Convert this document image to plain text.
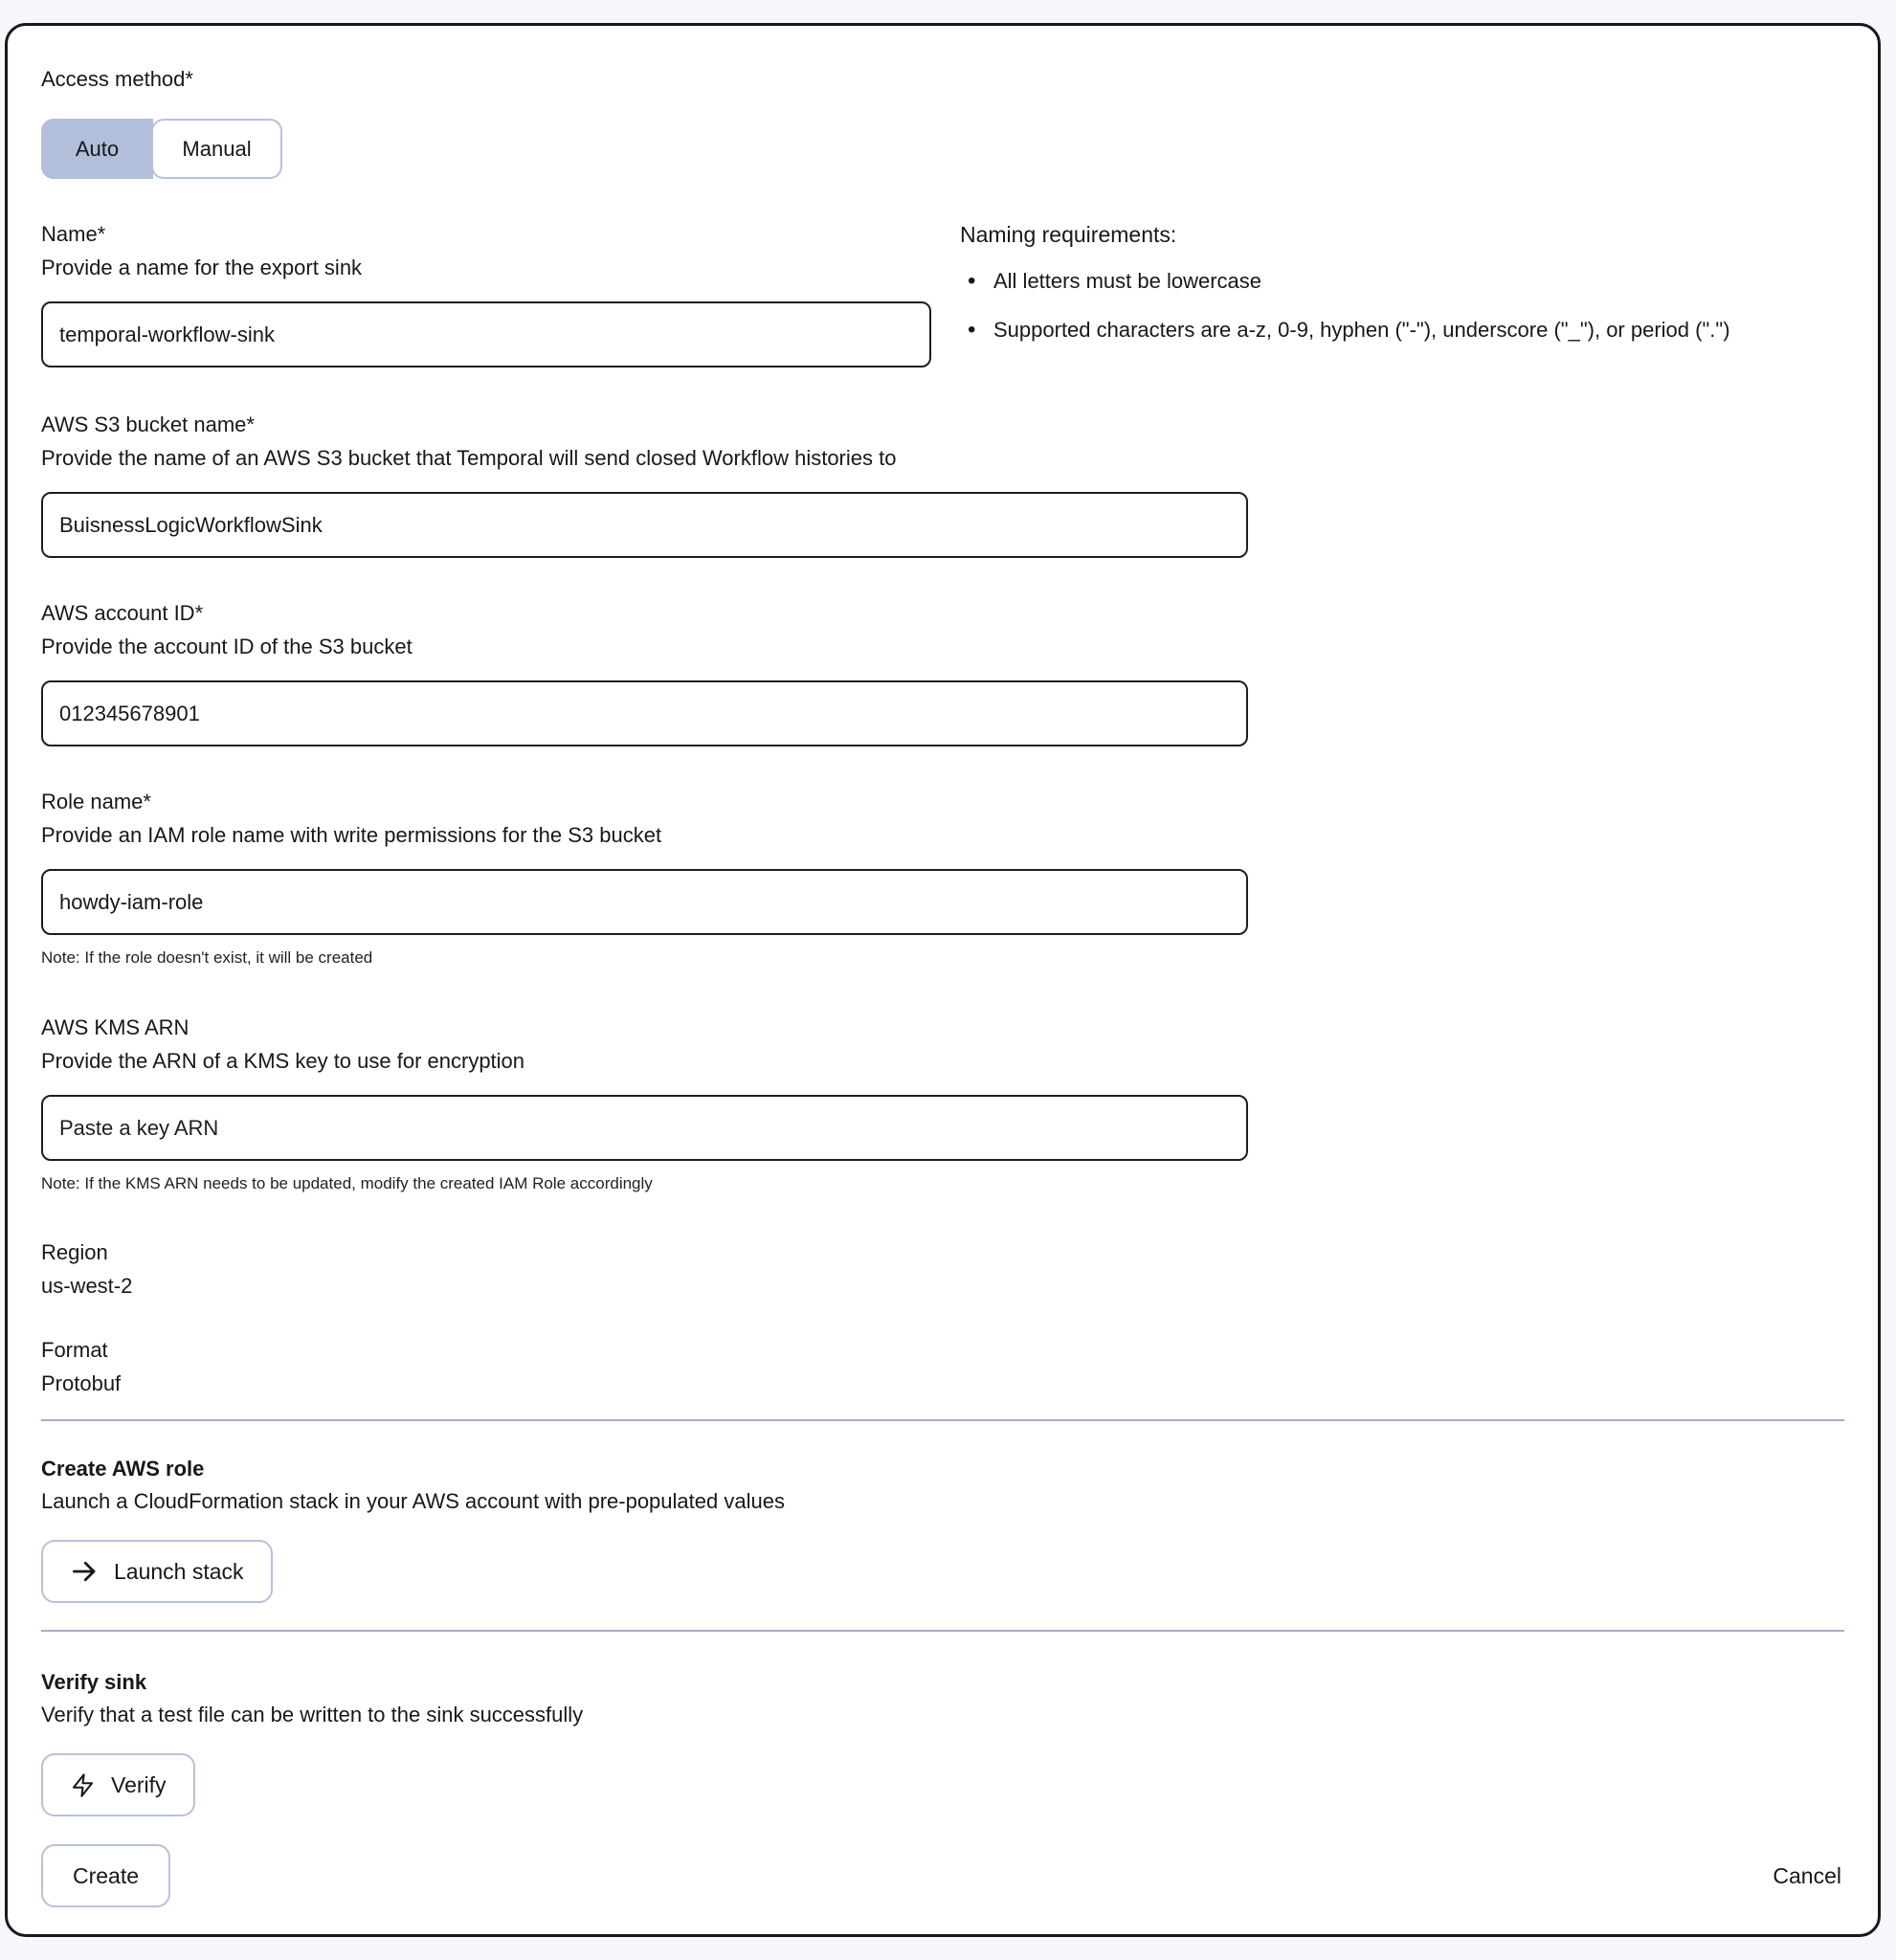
Access method*
Auto	Manual
Name*
Provide a name for the export sink
temporal-workflow-sink
Naming requirements:
• All letters must be lowercase
• Supported characters are a-z, 0-9, hyphen ("-"), underscore ("_"), or period (".")
AWS S3 bucket name*
Provide the name of an AWS S3 bucket that Temporal will send closed Workflow histories to
BuisnessLogicWorkflowSink
AWS account ID*
Provide the account ID of the S3 bucket
012345678901
Role name*
Provide an IAM role name with write permissions for the S3 bucket
howdy-iam-role
Note: If the role doesn't exist, it will be created
AWS KMS ARN
Provide the ARN of a KMS key to use for encryption
Paste a key ARN
Note: If the KMS ARN needs to be updated, modify the created IAM Role accordingly
Region
us-west-2
Format
Protobuf
Create AWS role
Launch a CloudFormation stack in your AWS account with pre-populated values
Launch stack
Verify sink
Verify that a test file can be written to the sink successfully
Verify
Create	Cancel
